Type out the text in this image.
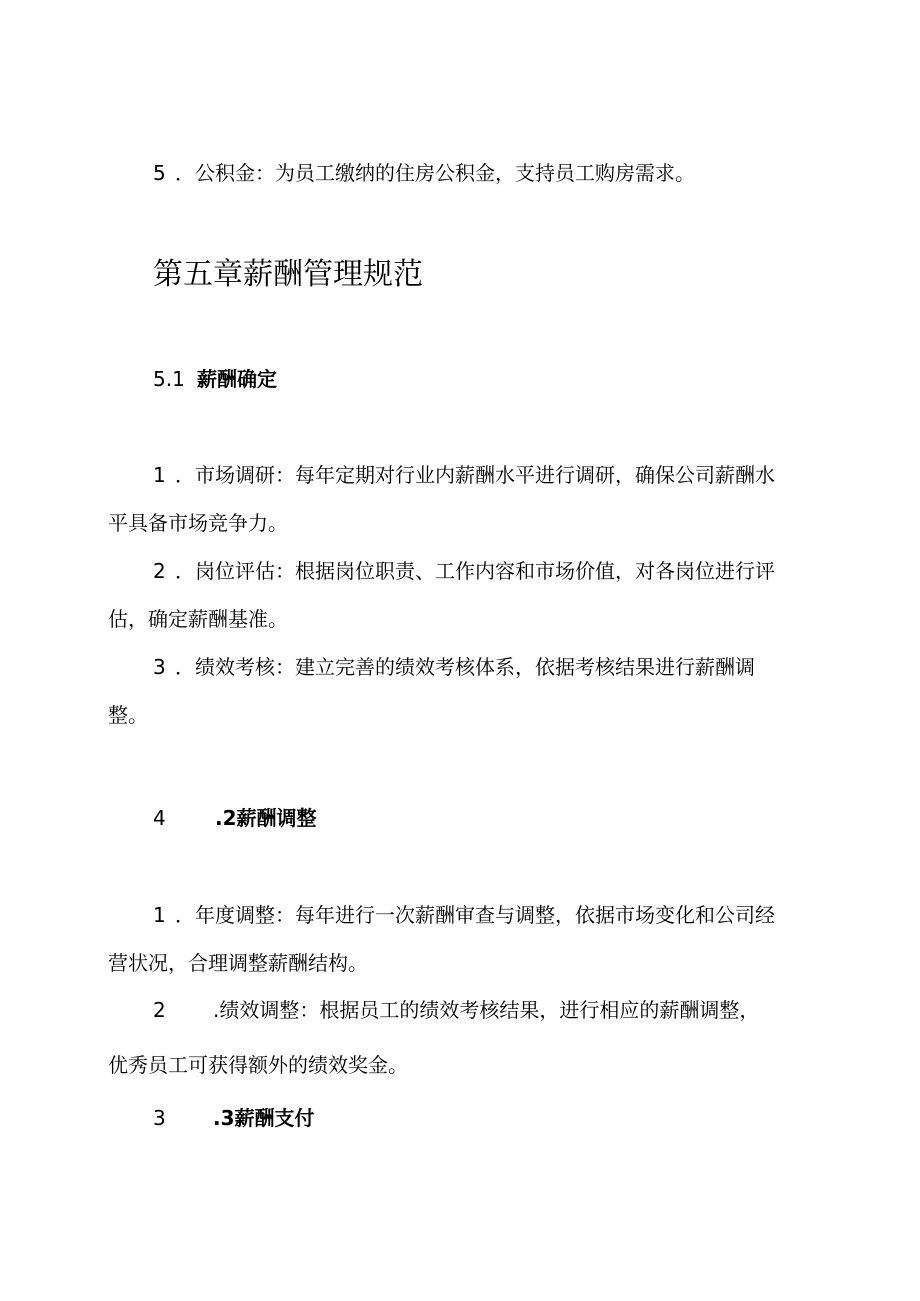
5 ．公积金：为员工缴纳的住房公积金，支持员工购房需求。
第五章薪酬管理规范
5.1 薪酬确定
1 ．市场调研：每年定期对行业内薪酬水平进行调研，确保公司薪酬水
平具备市场竞争力。
2 ．岗位评估：根据岗位职责、工作内容和市场价值，对各岗位进行评
估，确定薪酬基准。
3 ．绩效考核：建立完善的绩效考核体系，依据考核结果进行薪酬调
整。
4 .2薪酬调整
1 ．年度调整：每年进行一次薪酬审查与调整，依据市场变化和公司经
营状况，合理调整薪酬结构。
2 .绩效调整：根据员工的绩效考核结果，进行相应的薪酬调整，
优秀员工可获得额外的绩效奖金。
3 .3薪酬支付
